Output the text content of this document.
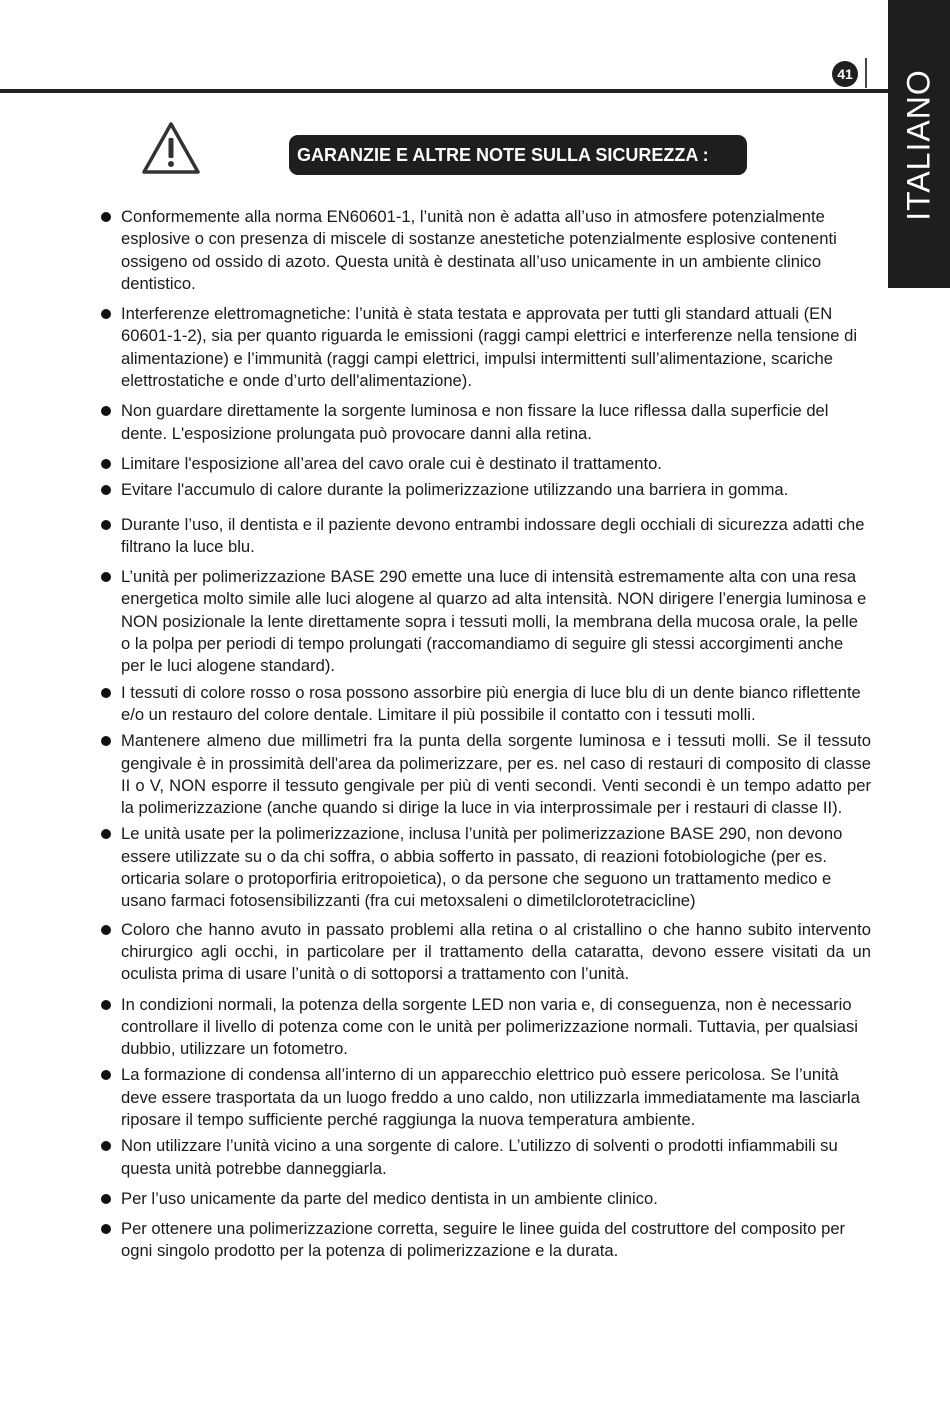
41 ITALIANO
GARANZIE E ALTRE NOTE SULLA SICUREZZA :
Conformemente alla norma EN60601-1, l’unità non è adatta all’uso in atmosfere potenzialmente esplosive o con presenza di miscele di sostanze anestetiche potenzialmente esplosive contenenti ossigeno od ossido di azoto. Questa unità è destinata all’uso unicamente in un ambiente clinico dentistico.
Interferenze elettromagnetiche: l’unità è stata testata e approvata per tutti gli standard attuali (EN 60601-1-2), sia per quanto riguarda le emissioni (raggi campi elettrici e interferenze nella tensione di alimentazione) e l’immunità (raggi campi elettrici, impulsi intermittenti sull’alimentazione, scariche elettrostatiche e onde d’urto dell'alimentazione).
Non guardare direttamente la sorgente luminosa e non fissare la luce riflessa dalla superficie del dente. L'esposizione prolungata può provocare danni alla retina.
Limitare l'esposizione all’area del cavo orale cui è destinato il trattamento.
Evitare l'accumulo di calore durante la polimerizzazione utilizzando una barriera in gomma.
Durante l’uso, il dentista e il paziente devono entrambi indossare degli occhiali di sicurezza adatti che filtrano la luce blu.
L’unità per polimerizzazione BASE 290 emette una luce di intensità estremamente alta con una resa energetica molto simile alle luci alogene al quarzo ad alta intensità. NON dirigere l’energia luminosa e NON posizionale la lente direttamente sopra i tessuti molli, la membrana della mucosa orale, la pelle o la polpa per periodi di tempo prolungati (raccomandiamo di seguire gli stessi accorgimenti anche per le luci alogene standard).
I tessuti di colore rosso o rosa possono assorbire più energia di luce blu di un dente bianco riflettente e/o un restauro del colore dentale. Limitare il più possibile il contatto con i tessuti molli.
Mantenere almeno due millimetri fra la punta della sorgente luminosa e i tessuti molli. Se il tessuto gengivale è in prossimità dell'area da polimerizzare, per es. nel caso di restauri di composito di classe II o V, NON esporre il tessuto gengivale per più di venti secondi. Venti secondi è un tempo adatto per la polimerizzazione (anche quando si dirige la luce in via interprossimale per i restauri di classe II).
Le unità usate per la polimerizzazione, inclusa l’unità per polimerizzazione BASE 290, non devono essere utilizzate su o da chi soffra, o abbia sofferto in passato, di reazioni fotobiologiche (per es. orticaria solare o protoporfiria eritropoietica), o da persone che seguono un trattamento medico e usano farmaci fotosensibilizzanti (fra cui metoxsaleni o dimetilclorotetracicline)
Coloro che hanno avuto in passato problemi alla retina o al cristallino o che hanno subito intervento chirurgico agli occhi, in particolare per il trattamento della cataratta, devono essere visitati da un oculista prima di usare l’unità o di sottoporsi a trattamento con l’unità.
In condizioni normali, la potenza della sorgente LED non varia e, di conseguenza, non è necessario controllare il livello di potenza come con le unità per polimerizzazione normali. Tuttavia, per qualsiasi dubbio, utilizzare un fotometro.
La formazione di condensa all’interno di un apparecchio elettrico può essere pericolosa. Se l’unità deve essere trasportata da un luogo freddo a uno caldo, non utilizzarla immediatamente ma lasciarla riposare il tempo sufficiente perché raggiunga la nuova temperatura ambiente.
Non utilizzare l’unità vicino a una sorgente di calore. L’utilizzo di solventi o prodotti infiammabili su questa unità potrebbe danneggiarla.
Per l’uso unicamente da parte del medico dentista in un ambiente clinico.
Per ottenere una polimerizzazione corretta, seguire le linee guida del costruttore del composito per ogni singolo prodotto per la potenza di polimerizzazione e la durata.
